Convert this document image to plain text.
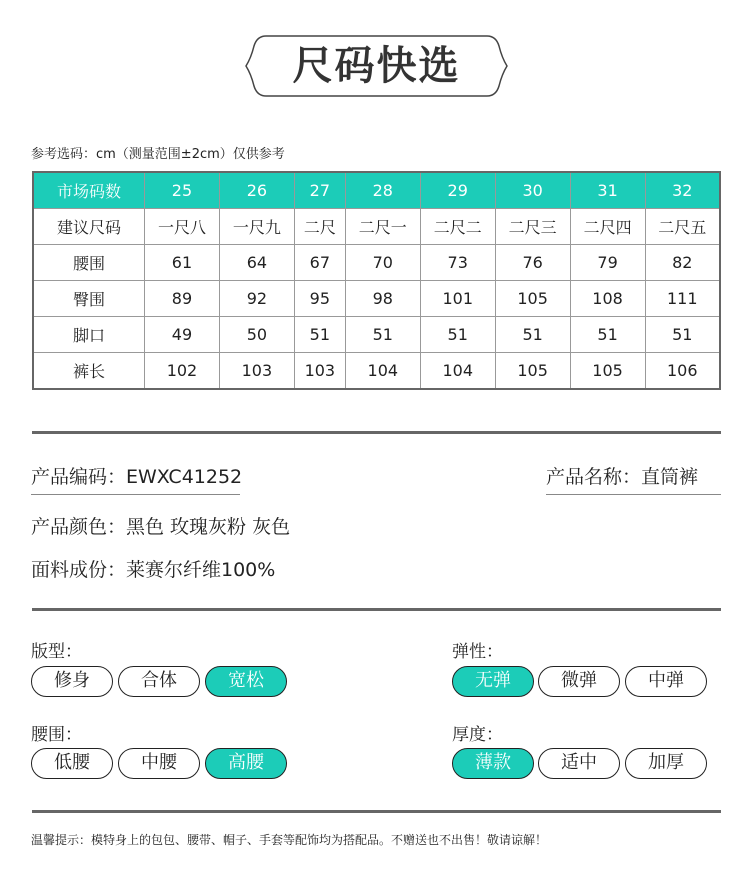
尺码快选
参考选码：cm（测量范围±2cm）仅供参考
市场码数	25	26	27	28	29	30	31	32
建议尺码	一尺八	一尺九	二尺	二尺一	二尺二	二尺三	二尺四	二尺五
腰围	61	64	67	70	73	76	79	82
臀围	89	92	95	98	101	105	108	111
脚口	49	50	51	51	51	51	51	51
裤长	102	103	103	104	104	105	105	106
产品编码：EWXC41252	产品名称：直筒裤
产品颜色：黑色 玫瑰灰粉 灰色
面料成份：莱赛尔纤维100%
版型：
修身	合体	宽松
弹性：
无弹	微弹	中弹
腰围：
低腰	中腰	高腰
厚度：
薄款	适中	加厚
温馨提示：模特身上的包包、腰带、帽子、手套等配饰均为搭配品。不赠送也不出售！敬请谅解！
